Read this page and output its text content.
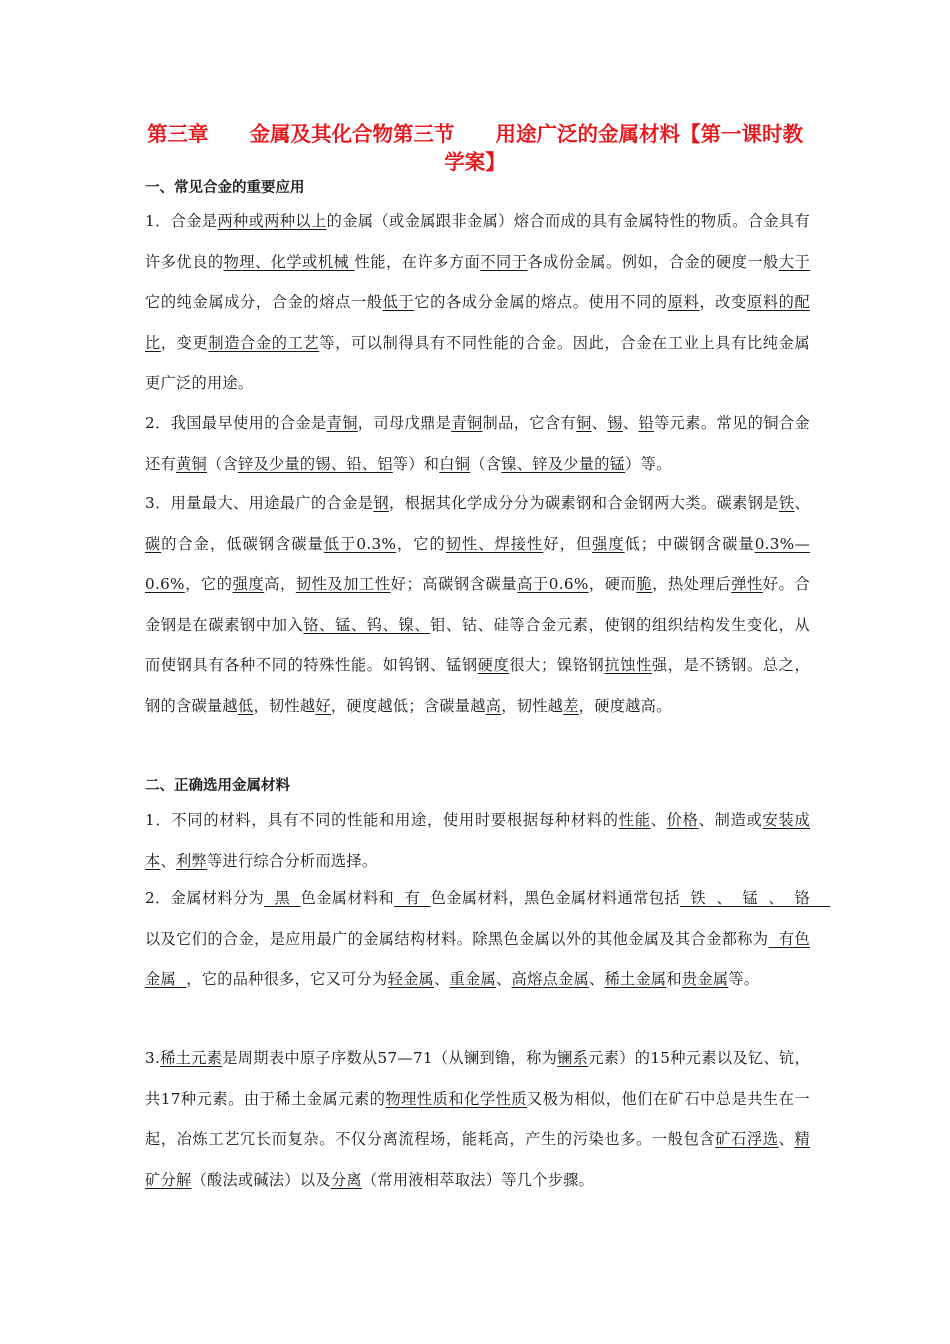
第三章　　金属及其化合物第三节　　用途广泛的金属材料【第一课时教学案】
一、常见合金的重要应用
1．合金是两种或两种以上的金属（或金属跟非金属）熔合而成的具有金属特性的物质。合金具有许多优良的物理、化学或机械 性能，在许多方面不同于各成份金属。例如，合金的硬度一般大于它的纯金属成分，合金的熔点一般低于它的各成分金属的熔点。使用不同的原料，改变原料的配比，变更制造合金的工艺等，可以制得具有不同性能的合金。因此，合金在工业上具有比纯金属更广泛的用途。
2．我国最早使用的合金是青铜，司母戊鼎是青铜制品，它含有铜、锡、铅等元素。常见的铜合金还有黄铜（含锌及少量的锡、铅、铝等）和白铜（含镍、锌及少量的锰）等。
3．用量最大、用途最广的合金是钢，根据其化学成分分为碳素钢和合金钢两大类。碳素钢是铁、碳的合金，低碳钢含碳量低于0.3%，它的韧性、焊接性好，但强度低；中碳钢含碳量0.3%—0.6%，它的强度高，韧性及加工性好；高碳钢含碳量高于0.6%，硬而脆，热处理后弹性好。合金钢是在碳素钢中加入铬、锰、钨、镍、钼、钴、硅等合金元素，使钢的组织结构发生变化，从而使钢具有各种不同的特殊性能。如钨钢、锰钢硬度很大；镍铬钢抗蚀性强，是不锈钢。总之，钢的含碳量越低，韧性越好，硬度越低；含碳量越高，韧性越差，硬度越高。
二、正确选用金属材料
1．不同的材料，具有不同的性能和用途，使用时要根据每种材料的性能、价格、制造或安装成本、利弊等进行综合分析而选择。
2．金属材料分为  黑  色金属材料和  有  色金属材料，黑色金属材料通常包括  铁  、  锰  、  铬    以及它们的合金，是应用最广的金属结构材料。除黑色金属以外的其他金属及其合金都称为  有色金属  ，它的品种很多，它又可分为轻金属、重金属、高熔点金属、稀土金属和贵金属等。
3.稀土元素是周期表中原子序数从57—71（从镧到镥，称为镧系元素）的15种元素以及钇、钪，共17种元素。由于稀土金属元素的物理性质和化学性质又极为相似，他们在矿石中总是共生在一起，冶炼工艺冗长而复杂。不仅分离流程场，能耗高，产生的污染也多。一般包含矿石浮选、精矿分解（酸法或碱法）以及分离（常用液相萃取法）等几个步骤。
